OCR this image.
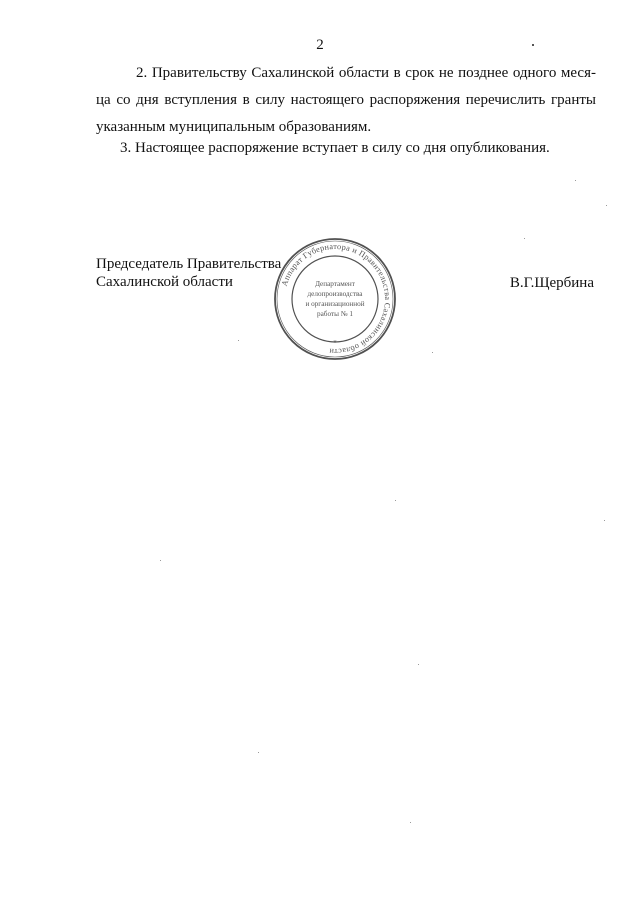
2

2. Правительству Сахалинской области в срок не позднее одного меся-
ца со дня вступления в силу настоящего распоряжения перечислить гранты
указанным муниципальным образованиям.

3. Настоящее распоряжение вступает в силу со дня опубликования.

Председатель Правительства
Сахалинской области	В.Г.Щербина
Аппарат Губернатора и Правительства Сахалинской области
*
Департамент
делопроизводства
и организационной
работы № 1
